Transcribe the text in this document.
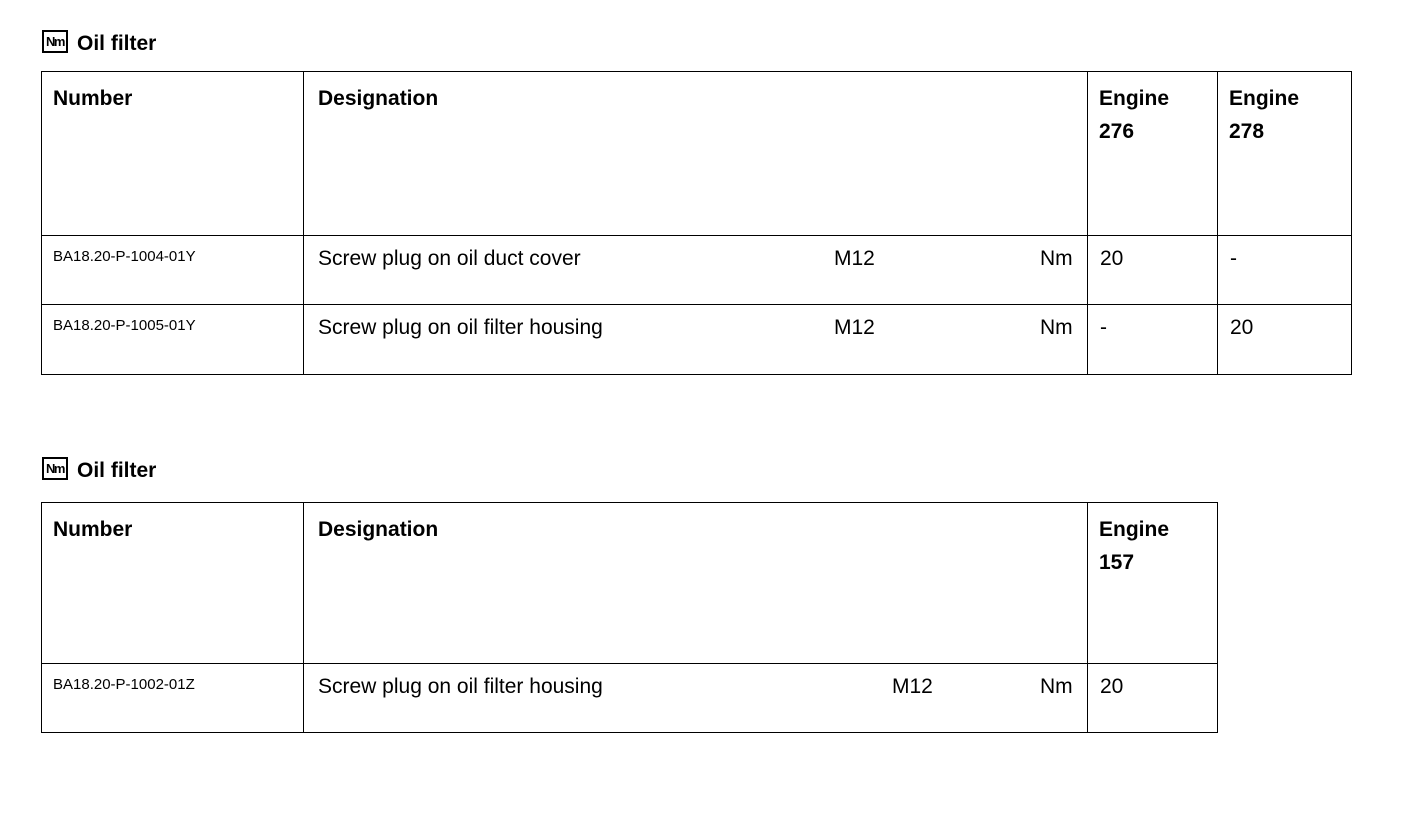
Nm Oil filter
Number	Designation	Engine 276	Engine 278
BA18.20-P-1004-01Y	Screw plug on oil duct cover M12 Nm	20	-
BA18.20-P-1005-01Y	Screw plug on oil filter housing M12 Nm	-	20
Nm Oil filter
Number	Designation	Engine 157
BA18.20-P-1002-01Z	Screw plug on oil filter housing M12 Nm	20
